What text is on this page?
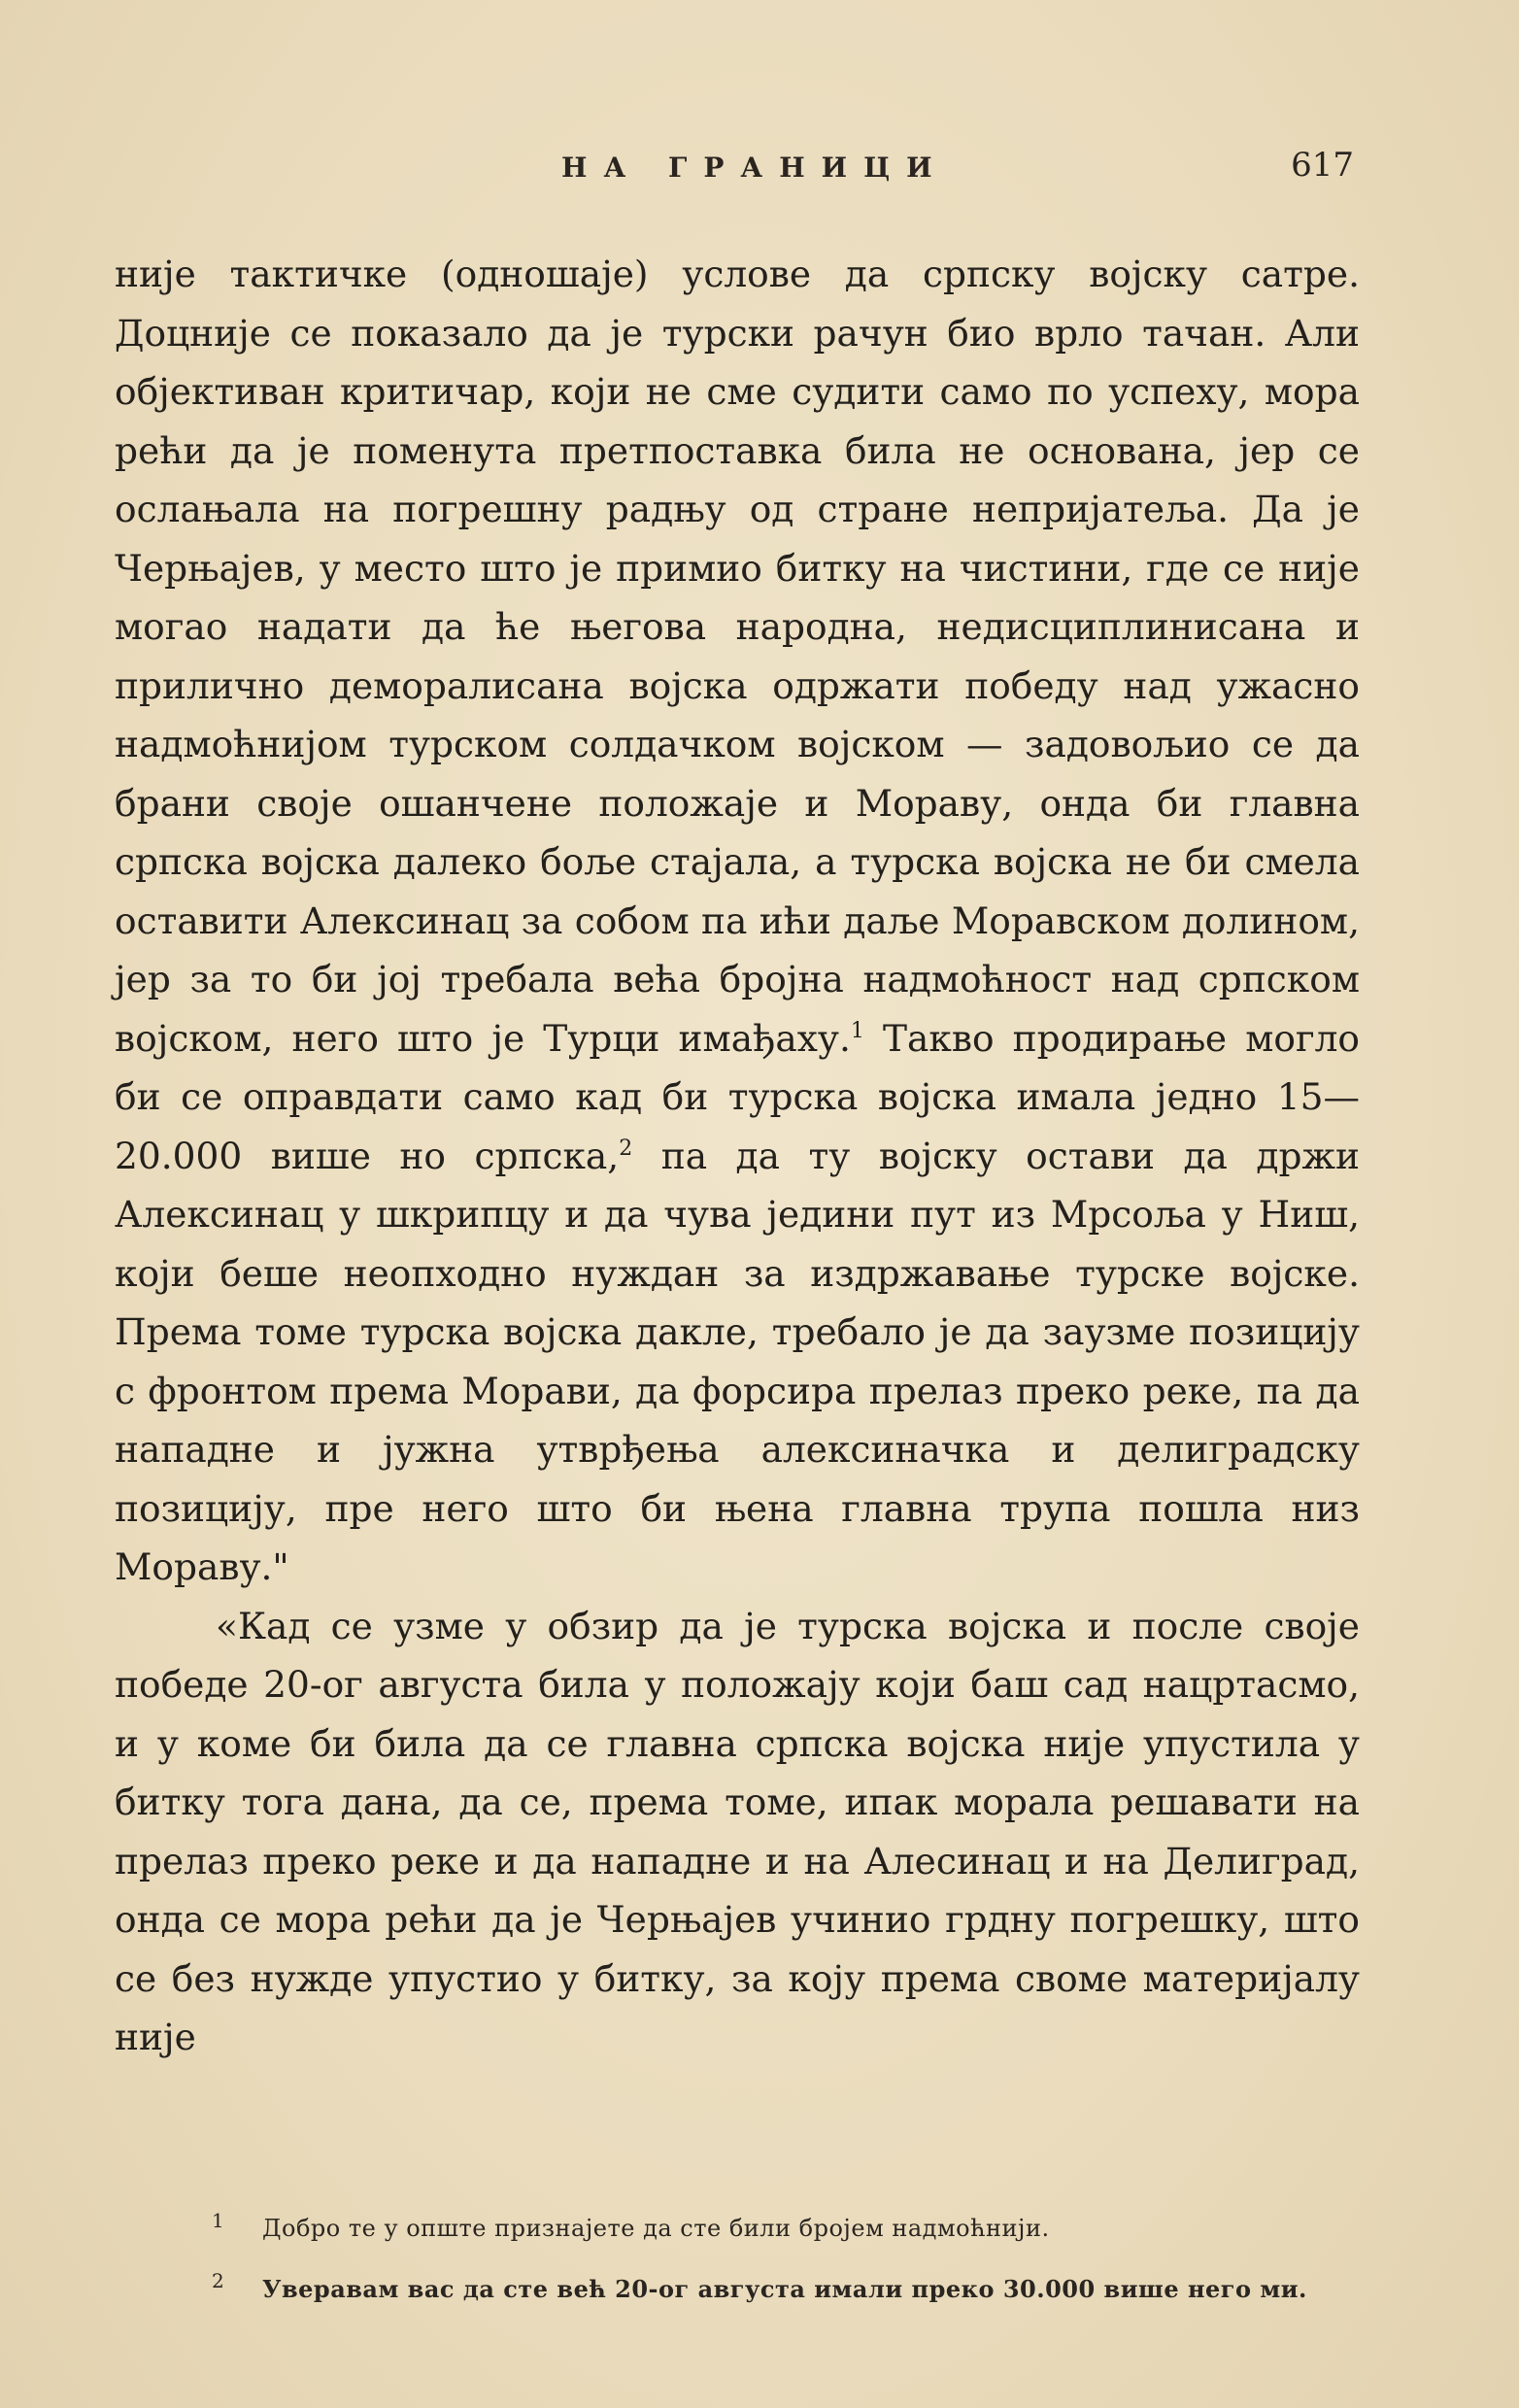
НА ГРАНИЦИ	617

није тактичке (одношаје) услове да српску војску сатре. Доцније се показало да је турски рачун био врло тачан. Али објективан критичар, који не сме судити само по успеху, мора рећи да је поменута претпоставка била не основана, јер се ослањала на погрешну радњу од стране непријатеља. Да је Черњајев, у место што је примио битку на чистини, где се није могао надати да ће његова народна, недисциплинисана и прилично деморалисана војска одржати победу над ужасно надмоћнијом турском солдачком војском — задовољио се да брани своје ошанчене положаје и Мораву, онда би главна српска војска далеко боље стајала, а турска војска не би смела оставити Алексинац за собом па ићи даље Моравском долином, јер за то би јој требала већа бројна надмоћност над српском војском, него што је Турци имађаху.$^1$ Такво продирање могло би се оправдати само кад би турска војска имала једно 15—20.000 више но српска,$^2$ па да ту војску остави да држи Алексинац у шкрипцу и да чува једини пут из Мрсоља у Ниш, који беше неопходно нуждан за издржавање турске војске. Према томе турска војска дакле, требало је да заузме позицију с фронтом према Морави, да форсира прелаз преко реке, па да нападне и јужна утврђења алексиначка и делиградску позицију, пре него што би њена главна трупа пошла низ Мораву."

«Кад се узме у обзир да је турска војска и после своје победе 20-ог августа била у положају који баш сад нацртасмо, и у коме би била да се главна српска војска није упустила у битку тога дана, да се, према томе, ипак морала решавати на прелаз преко реке и да нападне и на Алесинац и на Делиград, онда се мора рећи да је Черњајев учинио грдну погрешку, што се без нужде упустио у битку, за коју према своме материјалу није

1 Добро те у опште признајете да сте били бројем надмоћнији.
2 Уверавам вас да сте већ 20-ог августа имали преко 30.000 више него ми.
